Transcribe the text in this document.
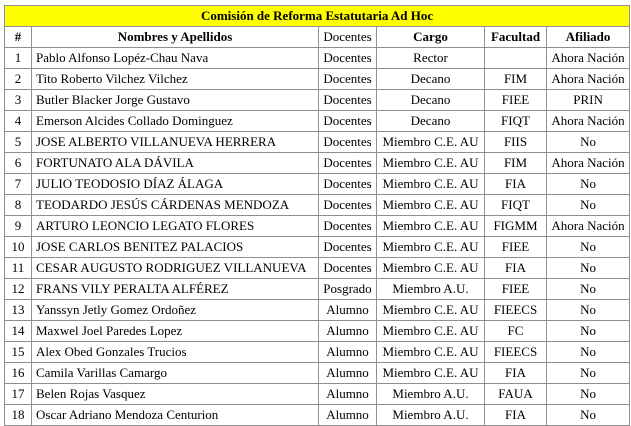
Comisión de Reforma Estatutaria Ad Hoc					
#	Nombres y Apellidos	Docentes	Cargo	Facultad	Afiliado
1	Pablo Alfonso Lopéz-Chau Nava	Docentes	Rector		Ahora Nación
2	Tito Roberto Vilchez Vilchez	Docentes	Decano	FIM	Ahora Nación
3	Butler Blacker Jorge Gustavo	Docentes	Decano	FIEE	PRIN
4	Emerson Alcides Collado Dominguez	Docentes	Decano	FIQT	Ahora Nación
5	JOSE ALBERTO VILLANUEVA HERRERA	Docentes	Miembro C.E. AU	FIIS	No
6	FORTUNATO ALA DÁVILA	Docentes	Miembro C.E. AU	FIM	Ahora Nación
7	JULIO TEODOSIO DÍAZ ÁLAGA	Docentes	Miembro C.E. AU	FIA	No
8	TEODARDO JESÚS CÁRDENAS MENDOZA	Docentes	Miembro C.E. AU	FIQT	No
9	ARTURO LEONCIO LEGATO FLORES	Docentes	Miembro C.E. AU	FIGMM	Ahora Nación
10	JOSE CARLOS BENITEZ PALACIOS	Docentes	Miembro C.E. AU	FIEE	No
11	CESAR AUGUSTO RODRIGUEZ VILLANUEVA	Docentes	Miembro C.E. AU	FIA	No
12	FRANS VILY PERALTA ALFÉREZ	Posgrado	Miembro A.U.	FIEE	No
13	Yanssyn Jetly Gomez Ordoñez	Alumno	Miembro C.E. AU	FIEECS	No
14	Maxwel Joel Paredes Lopez	Alumno	Miembro C.E. AU	FC	No
15	Alex Obed Gonzales Trucios	Alumno	Miembro C.E. AU	FIEECS	No
16	Camila Varillas Camargo	Alumno	Miembro C.E. AU	FIA	No
17	Belen Rojas Vasquez	Alumno	Miembro A.U.	FAUA	No
18	Oscar Adriano Mendoza Centurion	Alumno	Miembro A.U.	FIA	No
